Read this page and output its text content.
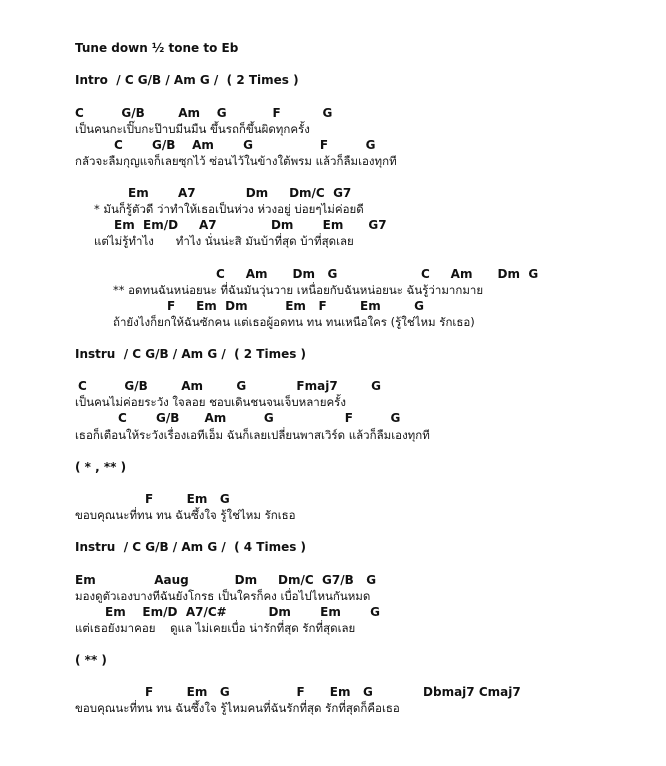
Tune down ½ tone to Eb
Intro  / C G/B / Am G /  ( 2 Times )
C         G/B        Am    G           F          G
เป็นคนกะเปิ๊บกะป๊าบมีนมืน ขึ้นรถก็ขึ้นผิดทุกครั้ง
C       G/B    Am       G                F         G
กลัวจะลืมกุญแจก็เลยซุกไว้ ซ่อนไว้ในข้างใต้พรม แล้วก็ลืมเองทุกที
Em       A7            Dm     Dm/C  G7
* มันก็รู้ตัวดี ว่าทำให้เธอเป็นห่วง ห่วงอยู่ บ่อยๆไม่ค่อยดี
Em  Em/D     A7             Dm       Em      G7
แต่ไม่รู้ทำไง      ทำไง นั่นน่ะสิ มันบ้าที่สุด บ้าที่สุดเลย
C     Am      Dm   G                    C     Am      Dm  G
** อดทนฉันหน่อยนะ ที่ฉันมันวุ่นวาย เหนื่อยกับฉันหน่อยนะ ฉันรู้ว่ามากมาย
F     Em  Dm         Em   F        Em        G
ถ้ายังไงก็ยกให้ฉันซักคน แต่เธอผู้อดทน ทน ทนเหนือใคร (รู้ใช่ไหม รักเธอ)
Instru  / C G/B / Am G /  ( 2 Times )
C         G/B        Am        G            Fmaj7        G
เป็นคนไม่ค่อยระวัง ใจลอย ชอบเดินชนจนเจ็บหลายครั้ง
C       G/B      Am         G                 F         G
เธอก็เตือนให้ระวังเรื่องเอทีเอ็ม ฉันก็เลยเปลี่ยนพาสเวิร์ด แล้วก็ลืมเองทุกที
( * , ** )
F        Em   G
ขอบคุณนะที่ทน ทน ฉันซึ้งใจ รู้ใช่ไหม รักเธอ
Instru  / C G/B / Am G /  ( 4 Times )
Em              Aaug           Dm     Dm/C  G7/B   G
มองดูตัวเองบางทีฉันยังโกรธ เป็นใครก็คง เบื่อไปไหนกันหมด
Em    Em/D  A7/C#          Dm       Em       G
แต่เธอยังมาคอย    ดูแล ไม่เคยเบื่อ น่ารักที่สุด รักที่สุดเลย
( ** )
F        Em   G                F      Em   G            Dbmaj7 Cmaj7
ขอบคุณนะที่ทน ทน ฉันซึ้งใจ รู้ไหมคนที่ฉันรักที่สุด รักที่สุดก็คือเธอ
